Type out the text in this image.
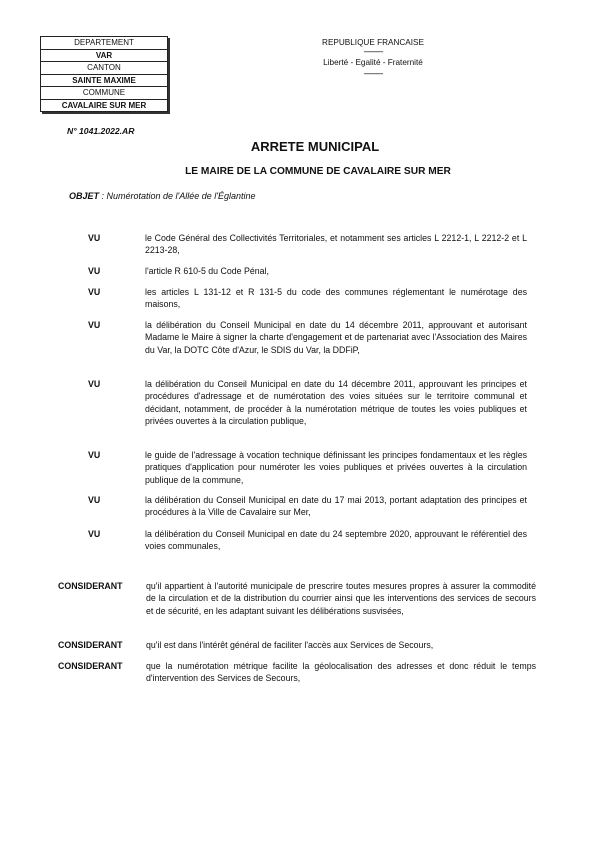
DEPARTEMENT
VAR
CANTON
SAINTE MAXIME
COMMUNE
CAVALAIRE SUR MER
REPUBLIQUE FRANCAISE
-----------
Liberté - Egalité - Fraternité
-----------
N° 1041.2022.AR
ARRETE MUNICIPAL
LE MAIRE DE LA COMMUNE DE CAVALAIRE SUR MER
OBJET : Numérotation de l'Allée de l'Églantine
VU	le Code Général des Collectivités Territoriales, et notamment ses articles L 2212-1, L 2212-2 et L 2213-28,
VU	l'article R 610-5 du Code Pénal,
VU	les articles L 131-12 et R 131-5 du code des communes réglementant le numérotage des maisons,
VU	la délibération du Conseil Municipal en date du 14 décembre 2011, approuvant et autorisant Madame le Maire à signer la charte d'engagement et de partenariat avec l'Association des Maires du Var, la DOTC Côte d'Azur, le SDIS du Var, la DDFiP,
VU	la délibération du Conseil Municipal en date du 14 décembre 2011, approuvant les principes et procédures d'adressage et de numérotation des voies situées sur le territoire communal et décidant, notamment, de procéder à la numérotation métrique de toutes les voies publiques et privées ouvertes à la circulation publique,
VU	le guide de l'adressage à vocation technique définissant les principes fondamentaux et les règles pratiques d'application pour numéroter les voies publiques et privées ouvertes à la circulation publique de la commune,
VU	la délibération du Conseil Municipal en date du 17 mai 2013, portant adaptation des principes et procédures à la Ville de Cavalaire sur Mer,
VU	la délibération du Conseil Municipal en date du 24 septembre 2020, approuvant le référentiel des voies communales,
CONSIDERANT	qu'il appartient à l'autorité municipale de prescrire toutes mesures propres à assurer la commodité de la circulation et de la distribution du courrier ainsi que les interventions des services de secours et de sécurité, en les adaptant suivant les délibérations susvisées,
CONSIDERANT	qu'il est dans l'intérêt général de faciliter l'accès aux Services de Secours,
CONSIDERANT	que la numérotation métrique facilite la géolocalisation des adresses et donc réduit le temps d'intervention des Services de Secours,
